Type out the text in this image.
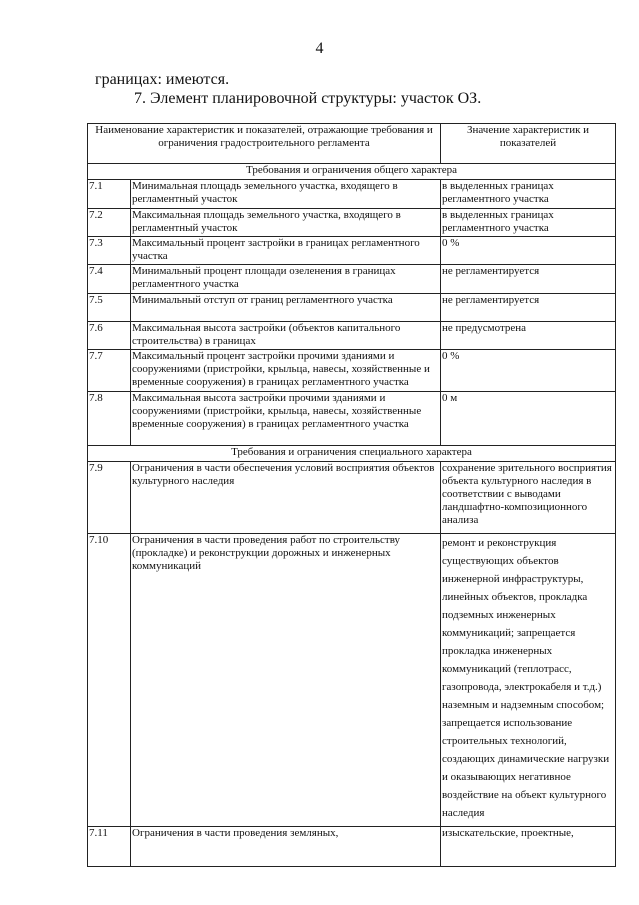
4
границах: имеются.
7. Элемент планировочной структуры: участок ОЗ.
Наименование характеристик и показателей, отражающие требования и ограничения градостроительного регламента		Значение характеристик и показателей
Требования и ограничения общего характера		
7.1	Минимальная площадь земельного участка, входящего в регламентный участок	в выделенных границах регламентного участка
7.2	Максимальная площадь земельного участка, входящего в регламентный участок	в выделенных границах регламентного участка
7.3	Максимальный процент застройки в границах регламентного участка	0 %
7.4	Минимальный процент площади озеленения в границах регламентного участка	не регламентируется
7.5	Минимальный отступ от границ регламентного участка	не регламентируется
7.6	Максимальная высота застройки (объектов капитального строительства) в границах	не предусмотрена
7.7	Максимальный процент застройки прочими зданиями и сооружениями (пристройки, крыльца, навесы, хозяйственные и временные сооружения) в границах регламентного участка	0 %
7.8	Максимальная высота застройки прочими зданиями и сооружениями (пристройки, крыльца, навесы, хозяйственные временные сооружения) в границах регламентного участка	0 м
Требования и ограничения специального характера		
7.9	Ограничения в части обеспечения условий восприятия объектов культурного наследия	сохранение зрительного восприятия объекта культурного наследия в соответствии с выводами ландшафтно-композиционного анализа
7.10	Ограничения в части проведения работ по строительству (прокладке) и реконструкции дорожных и инженерных коммуникаций	ремонт и реконструкция существующих объектов инженерной инфраструктуры, линейных объектов, прокладка подземных инженерных коммуникаций; запрещается прокладка инженерных коммуникаций (теплотрасс, газопровода, электрокабеля и т.д.) наземным и надземным способом; запрещается использование строительных технологий, создающих динамические нагрузки и оказывающих негативное воздействие на объект культурного наследия
7.11	Ограничения в части проведения земляных,	изыскательские, проектные,
